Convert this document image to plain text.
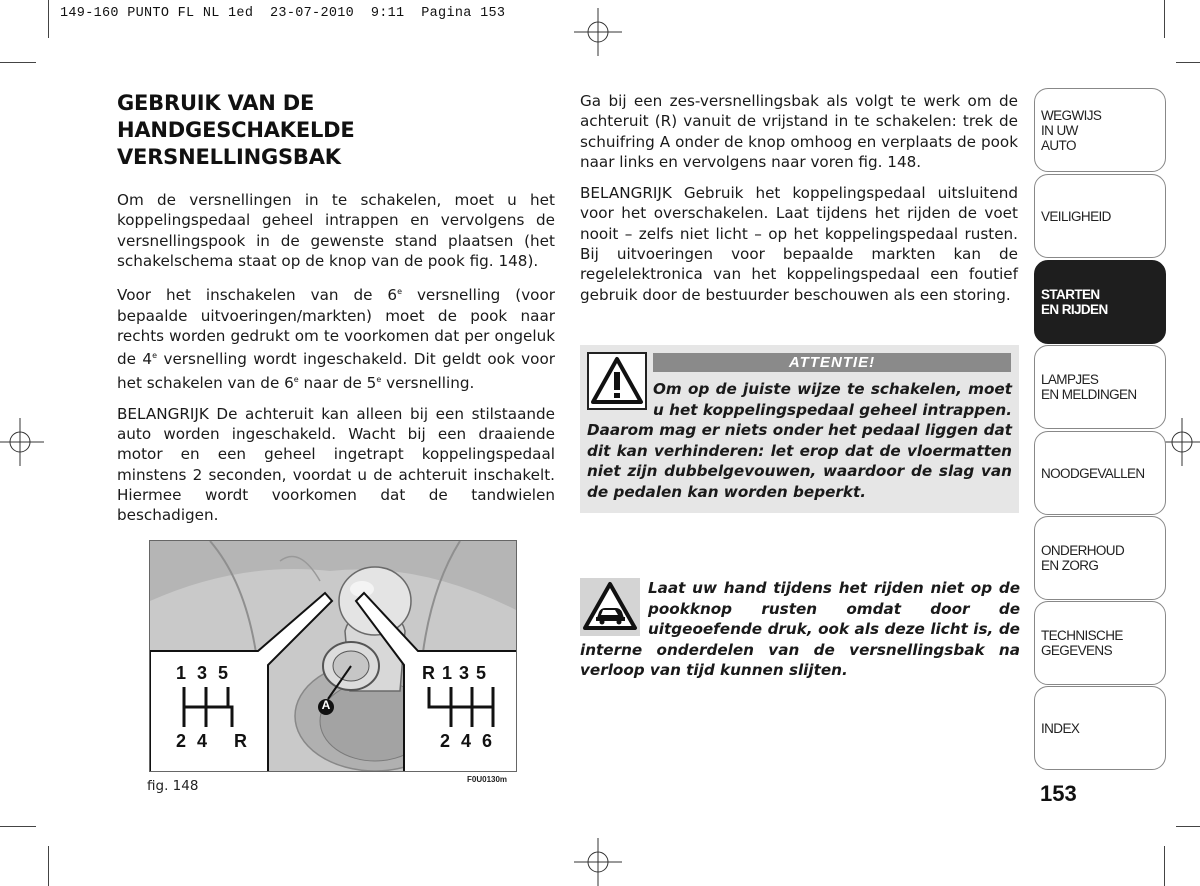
149-160 PUNTO FL NL 1ed  23-07-2010  9:11  Pagina 153
GEBRUIK VAN DE
HANDGESCHAKELDE
VERSNELLINGSBAK

Om de versnellingen in te schakelen, moet u het koppelingspedaal geheel intrappen en vervolgens de versnellingspook in de gewenste stand plaatsen (het schakelschema staat op de knop van de pook fig. 148).

Voor het inschakelen van de 6e versnelling (voor bepaalde uitvoeringen/markten) moet de pook naar rechts worden gedrukt om te voorkomen dat per ongeluk de 4e versnelling wordt ingeschakeld. Dit geldt ook voor het schakelen van de 6e naar de 5e versnelling.

BELANGRIJK De achteruit kan alleen bij een stilstaande auto worden ingeschakeld. Wacht bij een draaiende motor en een geheel ingetrapt koppelingspedaal minstens 2 seconden, voordat u de achteruit inschakelt. Hiermee wordt voorkomen dat de tandwielen beschadigen.

Ga bij een zes-versnellingsbak als volgt te werk om de achteruit (R) vanuit de vrijstand in te schakelen: trek de schuifring A onder de knop omhoog en verplaats de pook naar links en vervolgens naar voren fig. 148.

BELANGRIJK Gebruik het koppelingspedaal uitsluitend voor het overschakelen. Laat tijdens het rijden de voet nooit – zelfs niet licht – op het koppelingspedaal rusten. Bij uitvoeringen voor bepaalde markten kan de regelelektronica van het koppelingspedaal een foutief gebruik door de bestuurder beschouwen als een storing.

ATTENTIE!
Om op de juiste wijze te schakelen, moet u het koppelingspedaal geheel intrappen. Daarom mag er niets onder het pedaal liggen dat dit kan verhinderen: let erop dat de vloermatten niet zijn dubbelgevouwen, waardoor de slag van de pedalen kan worden beperkt.
Laat uw hand tijdens het rijden niet op de pookknop rusten omdat door de uitgeoefende druk, ook als deze licht is, de interne onderdelen van de versnellingsbak na verloop van tijd kunnen slijten.
1 3 5
2 4   R
R 1 3 5
2 4 6
A
fig. 148	F0U0130m
WEGWIJS
IN UW
AUTO
VEILIGHEID
STARTEN
EN RIJDEN
LAMPJES
EN MELDINGEN
NOODGEVALLEN
ONDERHOUD
EN ZORG
TECHNISCHE
GEGEVENS
INDEX
153
